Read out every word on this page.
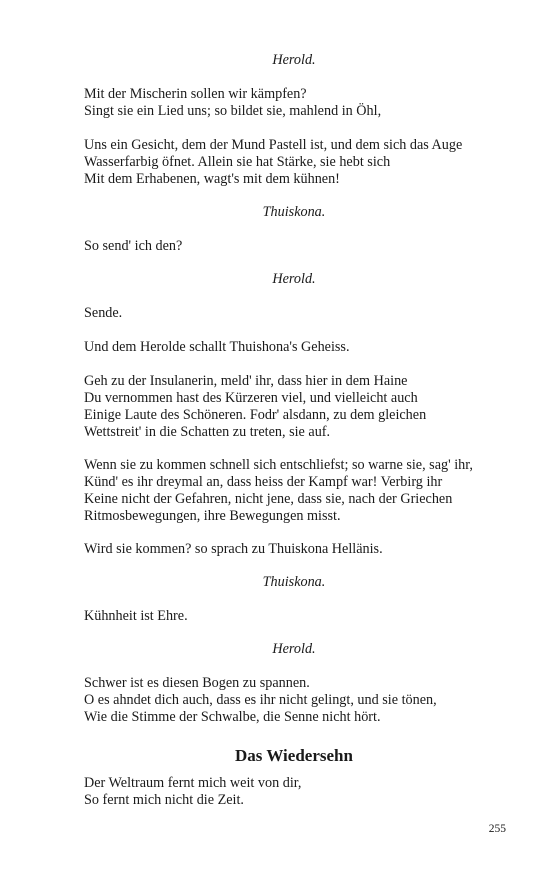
Herold.
Mit der Mischerin sollen wir kämpfen?
Singt sie ein Lied uns; so bildet sie, mahlend in Öhl,
Uns ein Gesicht, dem der Mund Pastell ist, und dem sich das Auge
Wasserfarbig öfnet. Allein sie hat Stärke, sie hebt sich
Mit dem Erhabenen, wagt's mit dem kühnen!
Thuiskona.
So send' ich den?
Herold.
Sende.
Und dem Herolde schallt Thuishona's Geheiss.
Geh zu der Insulanerin, meld' ihr, dass hier in dem Haine
Du vernommen hast des Kürzeren viel, und vielleicht auch
Einige Laute des Schöneren. Fodr' alsdann, zu dem gleichen
Wettstreit' in die Schatten zu treten, sie auf.
Wenn sie zu kommen schnell sich entschliefst; so warne sie, sag' ihr,
Künd' es ihr dreymal an, dass heiss der Kampf war! Verbirg ihr
Keine nicht der Gefahren, nicht jene, dass sie, nach der Griechen
Ritmosbewegungen, ihre Bewegungen misst.
Wird sie kommen? so sprach zu Thuiskona Hellänis.
Thuiskona.
Kühnheit ist Ehre.
Herold.
Schwer ist es diesen Bogen zu spannen.
O es ahndet dich auch, dass es ihr nicht gelingt, und sie tönen,
Wie die Stimme der Schwalbe, die Senne nicht hört.
Das Wiedersehn
Der Weltraum fernt mich weit von dir,
So fernt mich nicht die Zeit.
255
